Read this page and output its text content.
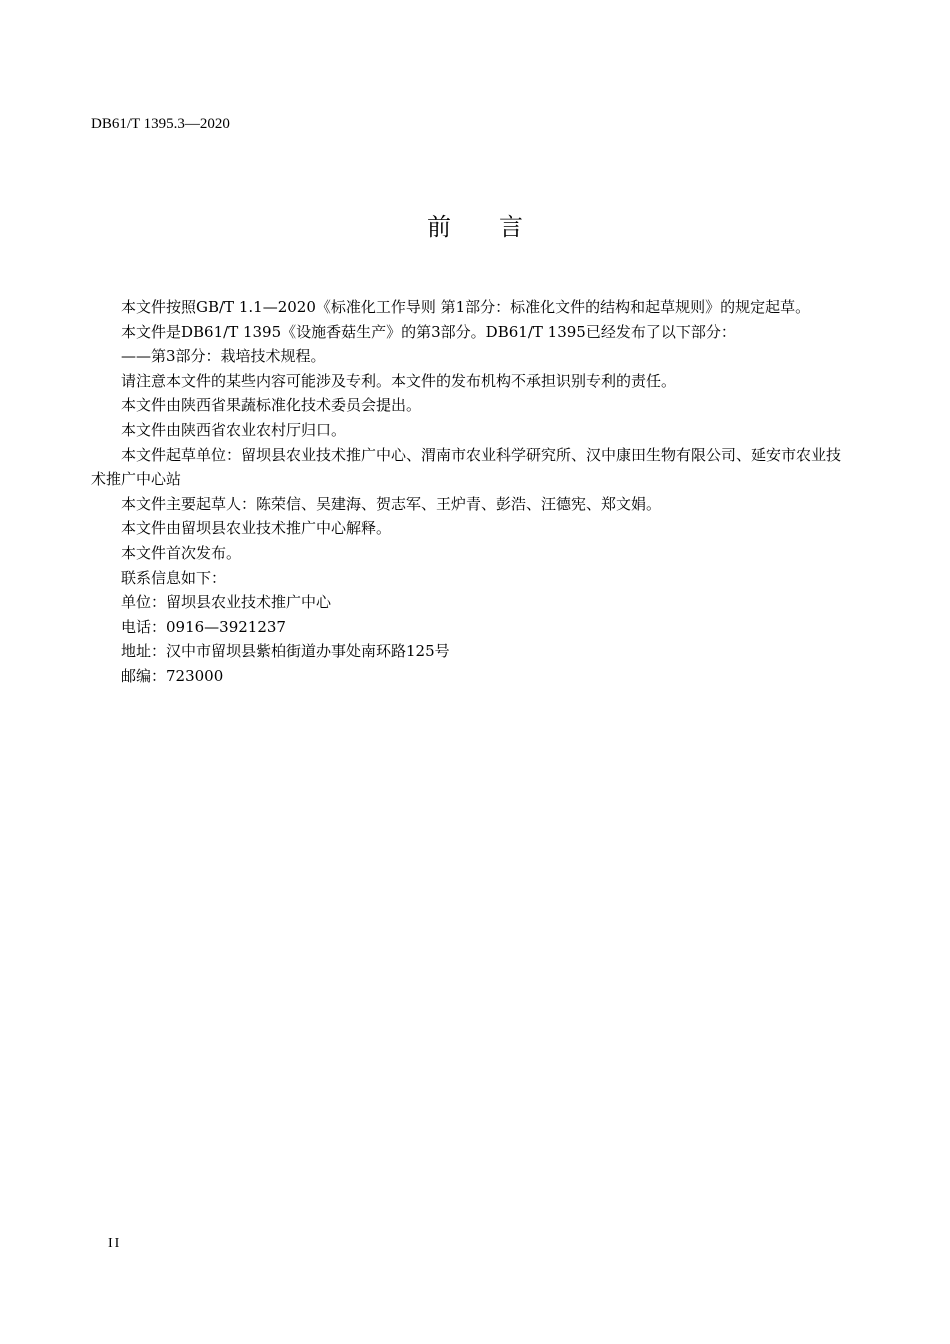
DB61/T 1395.3—2020
前言

本文件按照GB/T 1.1—2020《标准化工作导则 第1部分：标准化文件的结构和起草规则》的规定起草。

本文件是DB61/T 1395《设施香菇生产》的第3部分。DB61/T 1395已经发布了以下部分：

——第3部分：栽培技术规程。

请注意本文件的某些内容可能涉及专利。本文件的发布机构不承担识别专利的责任。

本文件由陕西省果蔬标准化技术委员会提出。

本文件由陕西省农业农村厅归口。

本文件起草单位：留坝县农业技术推广中心、渭南市农业科学研究所、汉中康田生物有限公司、延安市农业技术推广中心站

本文件主要起草人：陈荣信、吴建海、贺志军、王炉青、彭浩、汪德宪、郑文娟。

本文件由留坝县农业技术推广中心解释。

本文件首次发布。

联系信息如下：

单位：留坝县农业技术推广中心

电话：0916—3921237

地址：汉中市留坝县紫柏街道办事处南环路125号

邮编：723000

II
